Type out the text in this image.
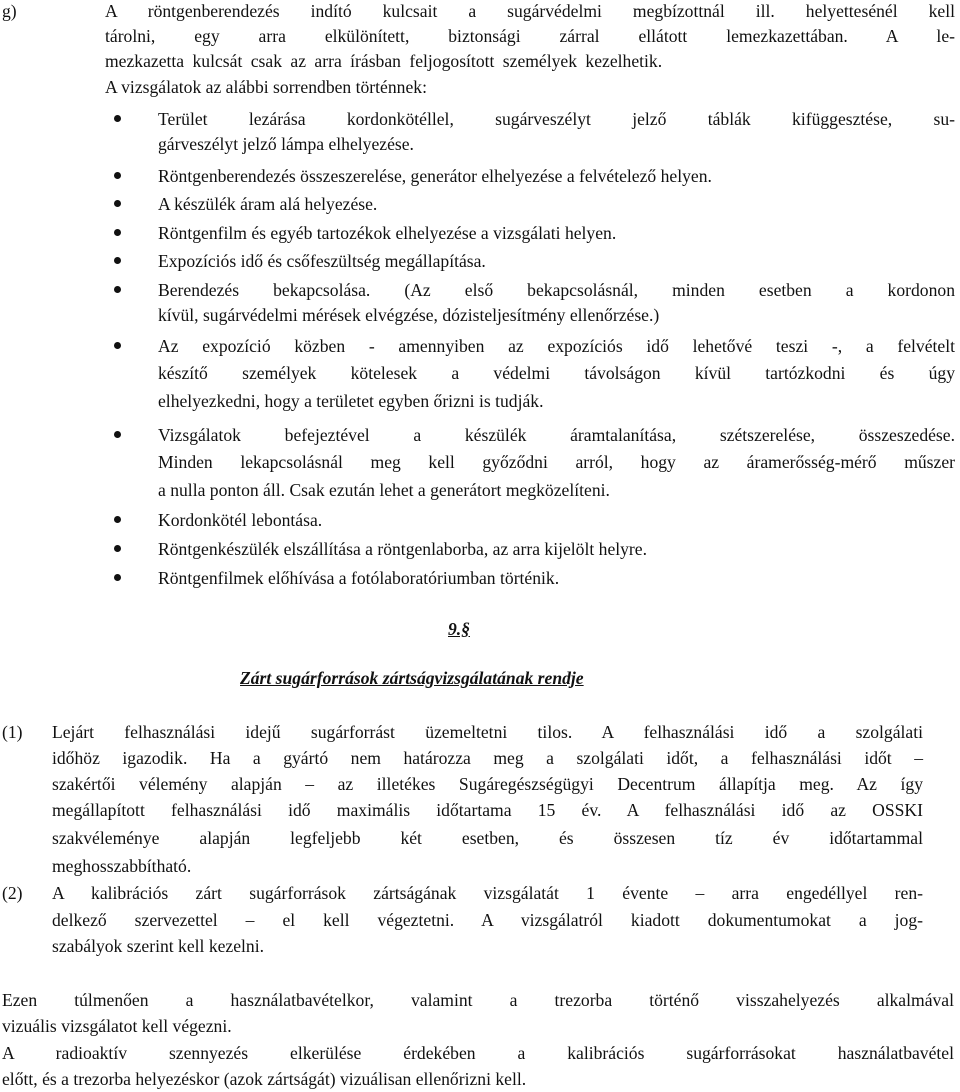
g)	A röntgenberendezés indító kulcsait a sugárvédelmi megbízottnál ill. helyettesénél kell
tárolni, egy arra elkülönített, biztonsági zárral ellátott lemezkazettában. A le-
mezkazetta kulcsát csak az arra írásban feljogosított személyek kezelhetik.
A vizsgálatok az alábbi sorrendben történnek:
Terület lezárása kordonkötéllel, sugárveszélyt jelző táblák kifüggesztése, su-
gárveszélyt jelző lámpa elhelyezése.
Röntgenberendezés összeszerelése, generátor elhelyezése a felvételező helyen.
A készülék áram alá helyezése.
Röntgenfilm és egyéb tartozékok elhelyezése a vizsgálati helyen.
Expozíciós idő és csőfeszültség megállapítása.
Berendezés bekapcsolása. (Az első bekapcsolásnál, minden esetben a kordonon
kívül, sugárvédelmi mérések elvégzése, dózisteljesítmény ellenőrzése.)
Az expozíció közben - amennyiben az expozíciós idő lehetővé teszi -, a felvételt
készítő személyek kötelesek a védelmi távolságon kívül tartózkodni és úgy
elhelyezkedni, hogy a területet egyben őrizni is tudják.
Vizsgálatok befejeztével a készülék áramtalanítása, szétszerelése, összeszedése.
Minden lekapcsolásnál meg kell győződni arról, hogy az áramerősség-mérő műszer
a nulla ponton áll. Csak ezután lehet a generátort megközelíteni.
Kordonkötél lebontása.
Röntgenkészülék elszállítása a röntgenlaborba, az arra kijelölt helyre.
Röntgenfilmek előhívása a fotólaboratóriumban történik.
9.§
Zárt sugárforrások zártságvizsgálatának rendje
(1) Lejárt felhasználási idejű sugárforrást üzemeltetni tilos. A felhasználási idő a szolgálati
időhöz igazodik. Ha a gyártó nem határozza meg a szolgálati időt, a felhasználási időt –
szakértői vélemény alapján – az illetékes Sugáregészségügyi Decentrum állapítja meg. Az így
megállapított felhasználási idő maximális időtartama 15 év. A felhasználási idő az OSSKI
szakvéleménye alapján legfeljebb két esetben, és összesen tíz év időtartammal
meghosszabbítható.
(2) A kalibrációs zárt sugárforrások zártságának vizsgálatát 1 évente – arra engedéllyel ren-
delkező szervezettel – el kell végeztetni. A vizsgálatról kiadott dokumentumokat a jog-
szabályok szerint kell kezelni.
Ezen túlmenően a használatbavételkor, valamint a trezorba történő visszahelyezés alkalmával
vizuális vizsgálatot kell végezni.
A radioaktív szennyezés elkerülése érdekében a kalibrációs sugárforrásokat használatbavétel
előtt, és a trezorba helyezéskor (azok zártságát) vizuálisan ellenőrizni kell.
